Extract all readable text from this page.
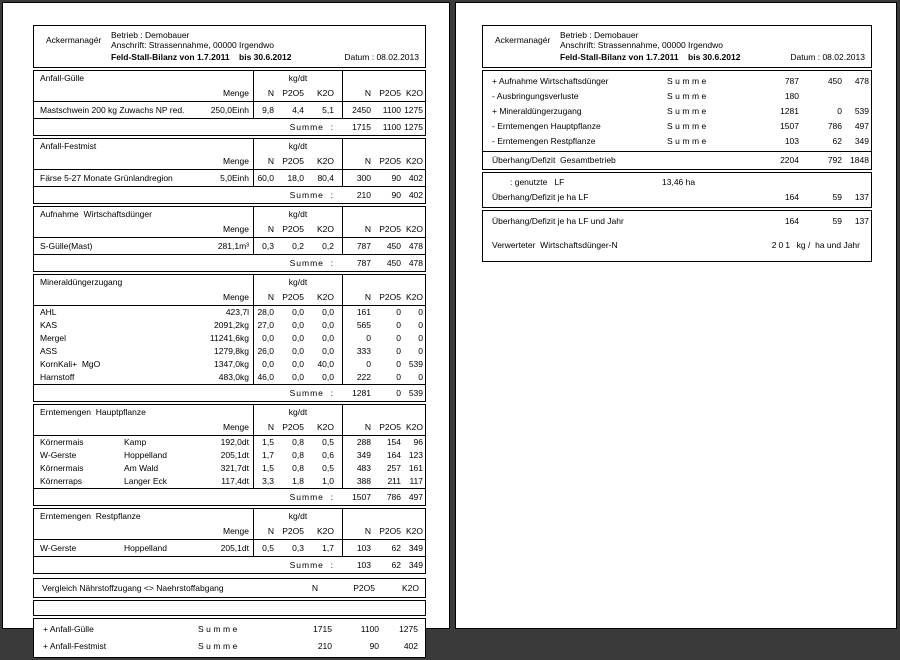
Ackermanagér	Betrieb : Demobauer
Anschrift: Strassennahme, 00000 Irgendwo
Feld-Stall-Bilanz von 1.7.2011    bis 30.6.2012	Datum : 08.02.2013
Anfall-Gülle	kg/dt
Menge	N P2O5	K2O	N P2O5 K2O
Mastschwein 200 kg Zuwachs NP red.	250,0Einh	9,8	4,4	5,1	2450	1100 1275
Summe  :	1715	1100 1275
Anfall-Festmist	kg/dt
Menge	N P2O5	K2O	N P2O5 K2O
Färse 5-27 Monate Grünlandregion	5,0Einh 60,0	18,0	80,4	300	90 402
Summe  :	210	90 402
Aufnahme  Wirtschaftsdünger	kg/dt
Menge	N P2O5	K2O	N P2O5 K2O
S-Gülle(Mast)	281,1m³	0,3	0,2	0,2	787	450 478
Summe  :	787	450 478
Mineraldüngerzugang	kg/dt
Menge	N P2O5	K2O	N P2O5 K2O
AHL	423,7l 28,0	0,0	0,0	161	0	0
KAS	2091,2kg 27,0	0,0	0,0	565	0	0
Mergel	11241,6kg	0,0	0,0	0,0	0	0	0
ASS	1279,8kg 26,0	0,0	0,0	333	0	0
KornKali+  MgO	1347,0kg	0,0	0,0	40,0	0	0 539
Harnstoff	483,0kg 46,0	0,0	0,0	222	0	0
Summe  :	1281	0 539
Erntemengen  Hauptpflanze	kg/dt
Menge	N P2O5	K2O	N P2O5 K2O
Körnermais	Kamp	192,0dt	1,5	0,8	0,5	288	154	96
W-Gerste	Hoppelland	205,1dt	1,7	0,8	0,6	349	164 123
Körnermais	Am Wald	321,7dt	1,5	0,8	0,5	483	257 161
Körnerraps	Langer Eck	117,4dt	3,3	1,8	1,0	388	211 117
Summe  :	1507	786 497
Erntemengen  Restpflanze	kg/dt
Menge	N P2O5	K2O	N P2O5 K2O
W-Gerste	Hoppelland	205,1dt	0,5	0,3	1,7	103	62 349
Summe  :	103	62 349
Vergleich Nährstoffzugang <> Naehrstoffabgang	N	P2O5	K2O
+ Anfall-Gülle	Summe	1715	1100	1275
+ Anfall-Festmist	Summe	210	90	402
Ackermanagér	Betrieb : Demobauer
Anschrift: Strassennahme, 00000 Irgendwo
Feld-Stall-Bilanz von 1.7.2011    bis 30.6.2012	Datum : 08.02.2013
+ Aufnahme Wirtschaftsdünger	Summe	787	450	478
- Ausbringungsverluste	Summe	180
+ Mineraldüngerzugang	Summe	1281	0	539
- Erntemengen Hauptpflanze	Summe	1507	786	497
- Erntemengen Restpflanze	Summe	103	62	349
Überhang/Defizit  Gesamtbetrieb	2204	792 1848
: genutzte   LF	13,46 ha
Überhang/Defizit je ha LF	164	59	137
Überhang/Defizit je ha LF und Jahr	164	59	137
Verwerteter  Wirtschaftsdünger-N	201  kg /  ha und Jahr
